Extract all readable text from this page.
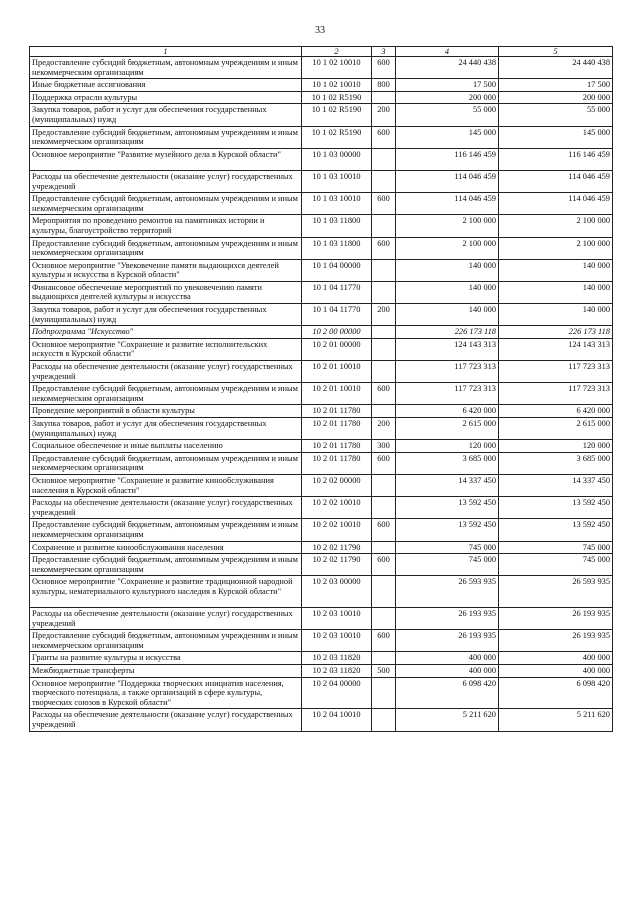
33
1	2	3	4	5
Предоставление субсидий бюджетным, автономным учреждениям и иным некоммерческим организациям	10 1 02 10010	600	24 440 438	24 440 438
Иные бюджетные ассигнования	10 1 02 10010	800	17 500	17 500
Поддержка отрасли культуры	10 1 02 R5190		200 000	200 000
Закупка товаров, работ и услуг для обеспечения государственных (муниципальных) нужд	10 1 02 R5190	200	55 000	55 000
Предоставление субсидий бюджетным, автономным учреждениям и иным некоммерческим организациям	10 1 02 R5190	600	145 000	145 000
Основное мероприятие "Развитие музейного дела в Курской области"	10 1 03 00000		116 146 459	116 146 459
Расходы на обеспечение деятельности (оказание услуг) государственных учреждений	10 1 03 10010		114 046 459	114 046 459
Предоставление субсидий бюджетным, автономным учреждениям и иным некоммерческим организациям	10 1 03 10010	600	114 046 459	114 046 459
Мероприятия по проведению ремонтов на памятниках истории и культуры, благоустройство территорий	10 1 03 11800		2 100 000	2 100 000
Предоставление субсидий бюджетным, автономным учреждениям и иным некоммерческим организациям	10 1 03 11800	600	2 100 000	2 100 000
Основное мероприятие "Увековечение памяти выдающихся деятелей культуры и искусства в Курской области"	10 1 04 00000		140 000	140 000
Финансовое обеспечение мероприятий по увековечению памяти выдающихся деятелей культуры и искусства	10 1 04 11770		140 000	140 000
Закупка товаров, работ и услуг для обеспечения государственных (муниципальных) нужд	10 1 04 11770	200	140 000	140 000
Подпрограмма "Искусство"	10 2 00 00000		226 173 118	226 173 118
Основное мероприятие "Сохранение и развитие исполнительских искусств в Курской области"	10 2 01 00000		124 143 313	124 143 313
Расходы на обеспечение деятельности (оказание услуг) государственных учреждений	10 2 01 10010		117 723 313	117 723 313
Предоставление субсидий бюджетным, автономным учреждениям и иным некоммерческим организациям	10 2 01 10010	600	117 723 313	117 723 313
Проведение мероприятий в области культуры	10 2 01 11780		6 420 000	6 420 000
Закупка товаров, работ и услуг для обеспечения государственных (муниципальных) нужд	10 2 01 11780	200	2 615 000	2 615 000
Социальное обеспечение и иные выплаты населению	10 2 01 11780	300	120 000	120 000
Предоставление субсидий бюджетным, автономным учреждениям и иным некоммерческим организациям	10 2 01 11780	600	3 685 000	3 685 000
Основное мероприятие "Сохранение и развитие кинообслуживания населения в Курской области"	10 2 02 00000		14 337 450	14 337 450
Расходы на обеспечение деятельности (оказание услуг) государственных учреждений	10 2 02 10010		13 592 450	13 592 450
Предоставление субсидий бюджетным, автономным учреждениям и иным некоммерческим организациям	10 2 02 10010	600	13 592 450	13 592 450
Сохранение и развитие кинообслуживания населения	10 2 02 11790		745 000	745 000
Предоставление субсидий бюджетным, автономным учреждениям и иным некоммерческим организациям	10 2 02 11790	600	745 000	745 000
Основное мероприятие "Сохранение и развитие традиционной народной культуры, нематериального культурного наследия в Курской области"	10 2 03 00000		26 593 935	26 593 935
Расходы на обеспечение деятельности (оказание услуг) государственных учреждений	10 2 03 10010		26 193 935	26 193 935
Предоставление субсидий бюджетным, автономным учреждениям и иным некоммерческим организациям	10 2 03 10010	600	26 193 935	26 193 935
Гранты на развитие культуры и искусства	10 2 03 11820		400 000	400 000
Межбюджетные трансферты	10 2 03 11820	500	400 000	400 000
Основное мероприятие "Поддержка творческих инициатив населения, творческого потенциала, а также организаций в сфере культуры, творческих союзов в Курской области"	10 2 04 00000		6 098 420	6 098 420
Расходы на обеспечение деятельности (оказание услуг) государственных учреждений	10 2 04 10010		5 211 620	5 211 620
